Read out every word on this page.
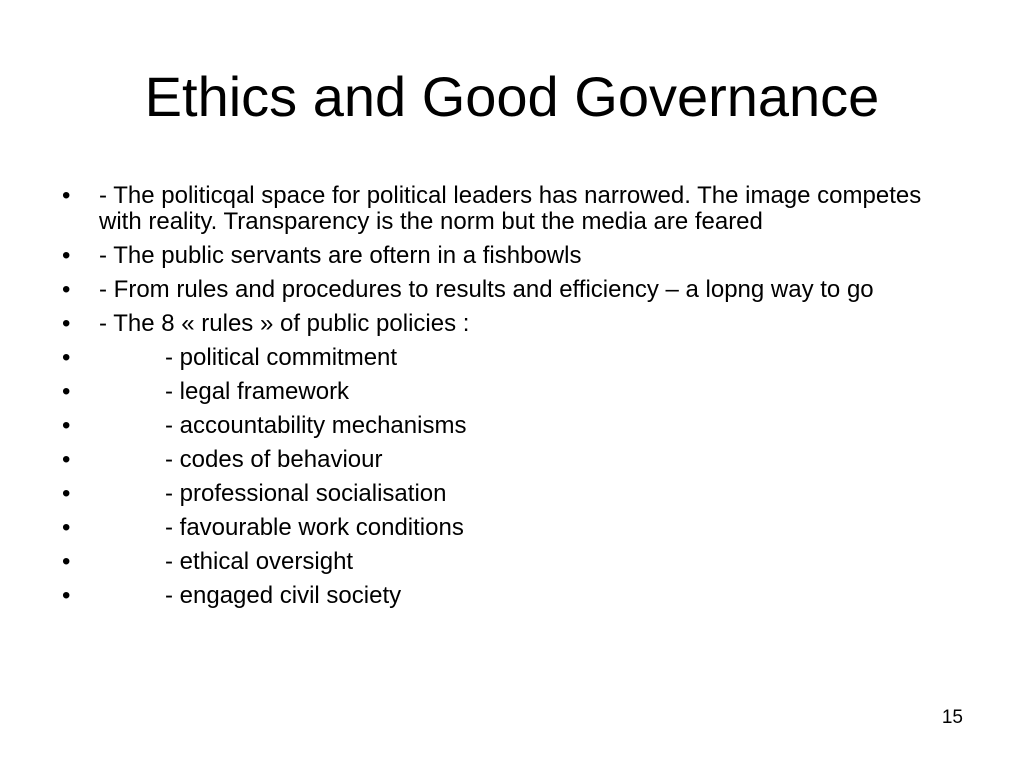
Ethics and Good Governance
•	- The politicqal space for political leaders has narrowed. The image competes with reality. Transparency is the norm but the media are feared
•	- The public servants are oftern in a fishbowls
•	- From rules and procedures to results and efficiency – a lopng way to go
•	- The 8 « rules » of public policies :
•	- political commitment
•	- legal framework
•	- accountability mechanisms
•	- codes of behaviour
•	- professional socialisation
•	- favourable work conditions
•	- ethical oversight
•	- engaged civil society
15
